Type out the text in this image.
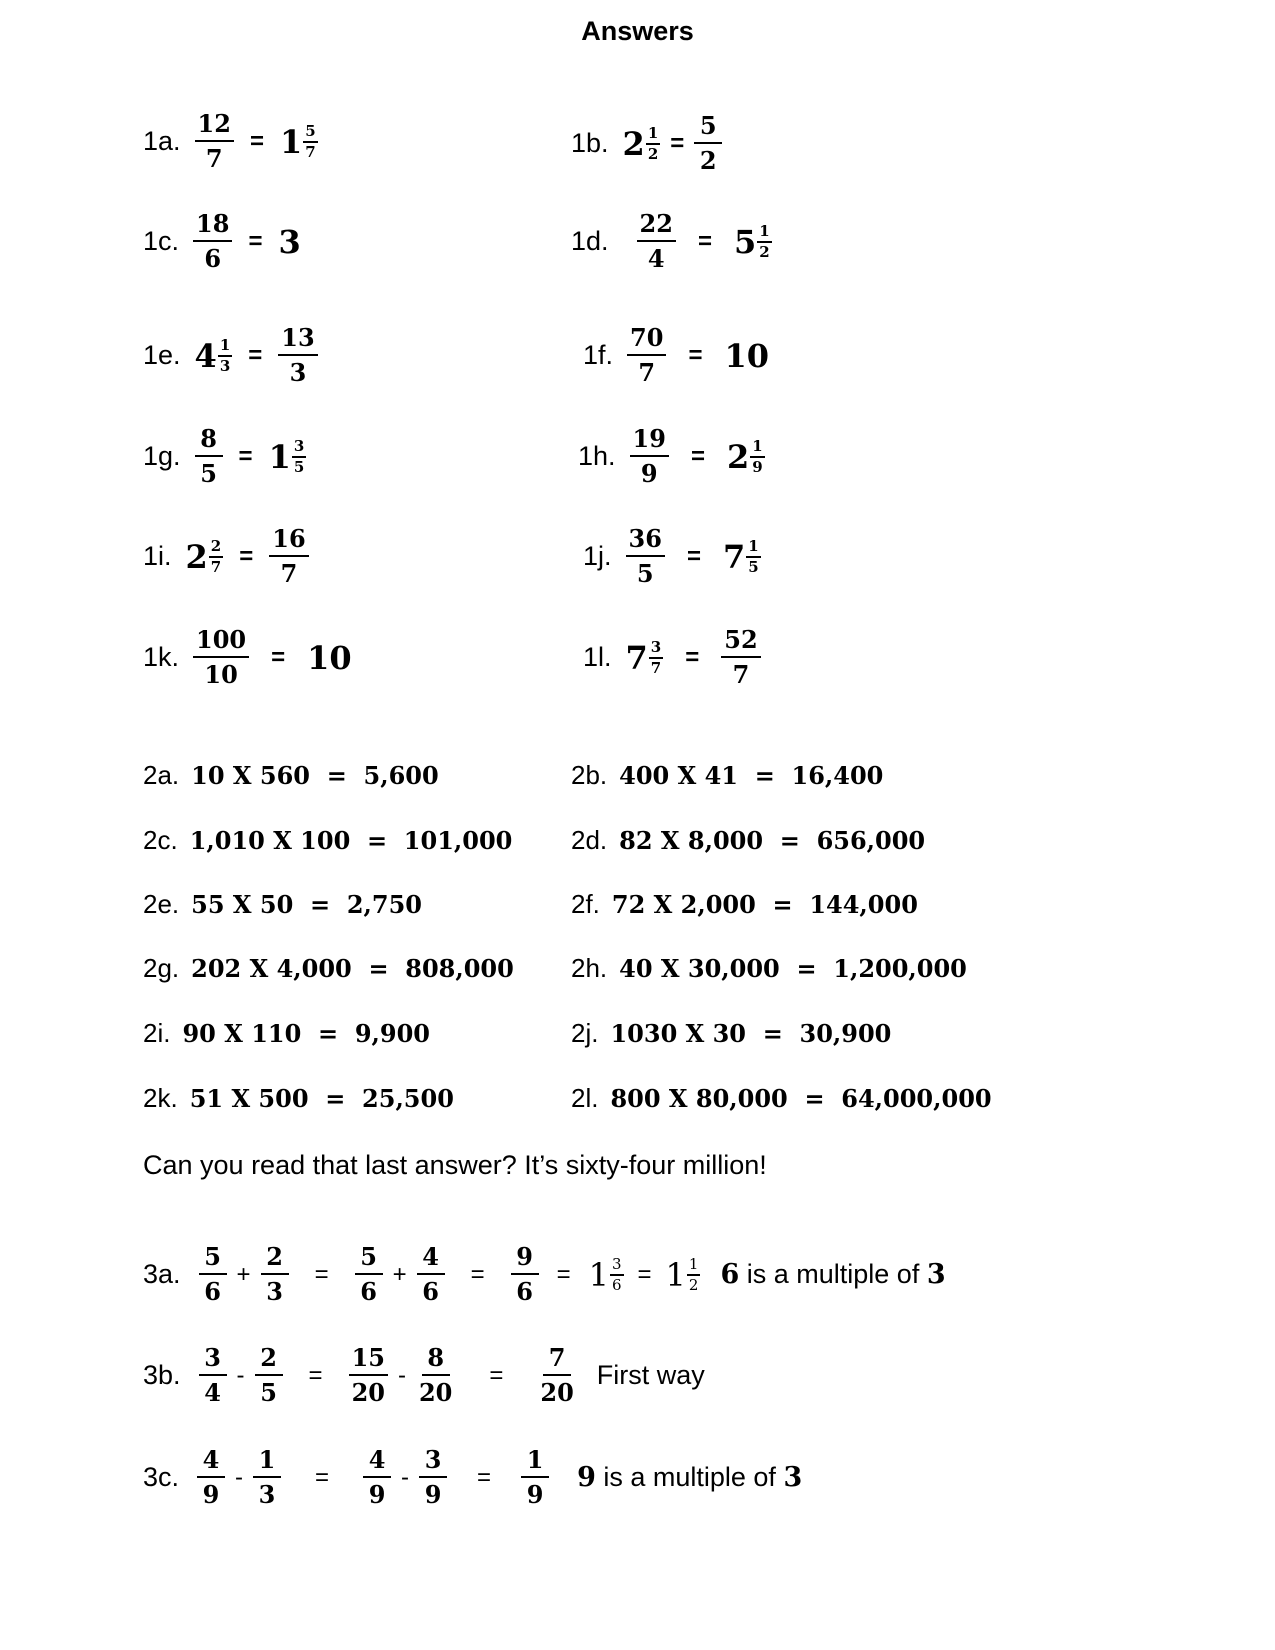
Answers
1a. $\frac{12}{7} = 1 \frac{5}{7}$	1b. $2 \frac{1}{2} = \frac{5}{2}$
1c. $\frac{18}{6} = 3$	1d. $\frac{22}{4} = 5 \frac{1}{2}$
1e. $4 \frac{1}{3} = \frac{13}{3}$	1f. $\frac{70}{7} = 10$
1g. $\frac{8}{5} = 1 \frac{3}{5}$	1h. $\frac{19}{9} = 2 \frac{1}{9}$
1i. $2 \frac{2}{7} = \frac{16}{7}$	1j. $\frac{36}{5} = 7 \frac{1}{5}$
1k. $\frac{100}{10} = 10$	1l. $7 \frac{3}{7} = \frac{52}{7}$
2a. 10 X 560  =  5,600	2b. 400 X 41  =  16,400
2c. 1,010 X 100  =  101,000 2d. 82 X 8,000  =  656,000
2e. 55 X 50  =  2,750	2f. 72 X 2,000  =  144,000
2g. 202 X 4,000  =  808,000 2h. 40 X 30,000  =  1,200,000
2i. 90 X 110  =  9,900	2j. 1030 X 30  =  30,900
2k. 51 X 500  =  25,500	2l. 800 X 80,000  =  64,000,000
Can you read that last answer? It’s sixty-four million!
3a. $\frac{5}{6} + \frac{2}{3} = \frac{5}{6} + \frac{4}{6} = \frac{9}{6} = 1 \frac{3}{6} = 1 \frac{1}{2} 6$ is a multiple of 3
3b. $\frac{3}{4} - \frac{2}{5} = \frac{15}{20} - \frac{8}{20} = \frac{7}{20}$ First way
3c. $\frac{4}{9} - \frac{1}{3} = \frac{4}{9} - \frac{3}{9} = \frac{1}{9} 9$ is a multiple of 3
